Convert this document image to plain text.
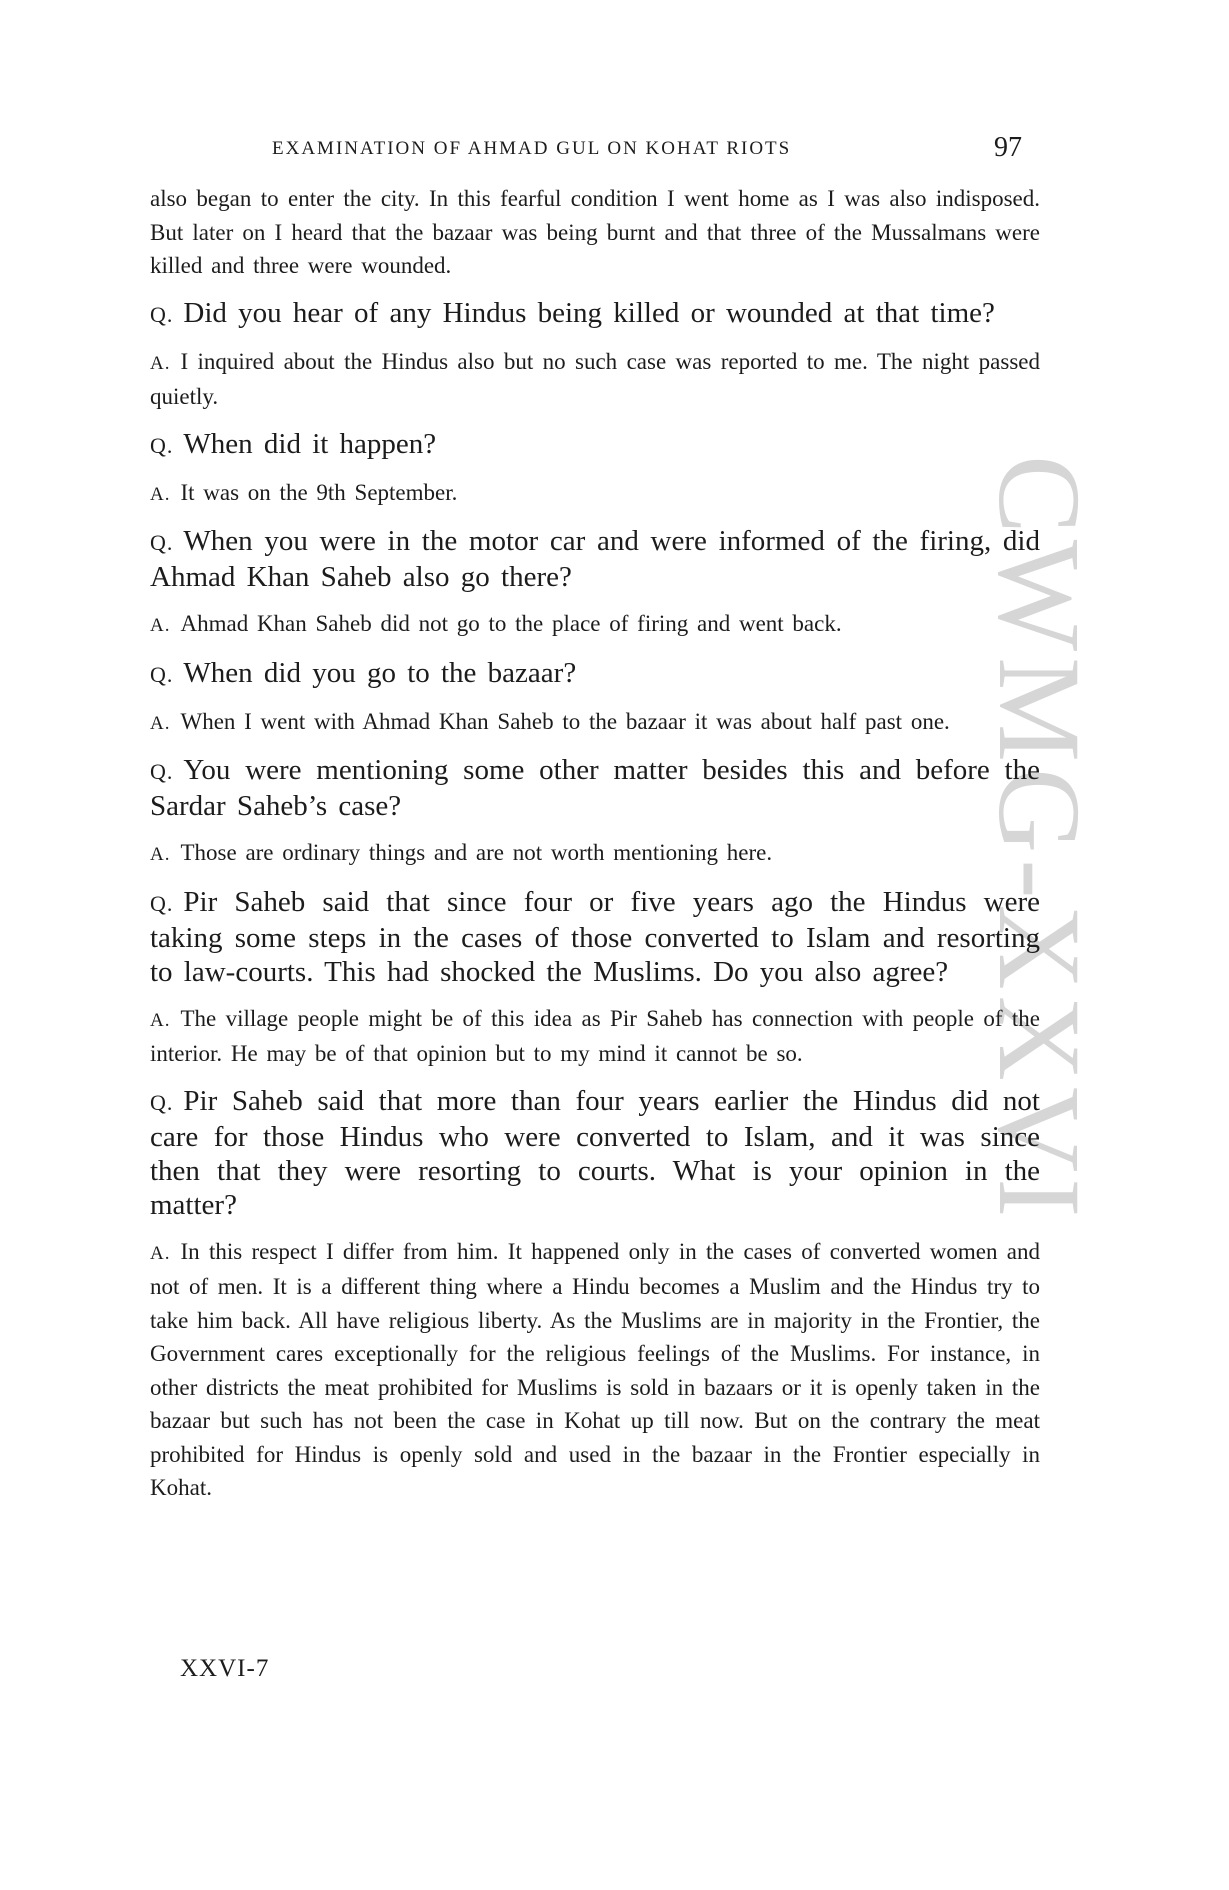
EXAMINATION OF AHMAD GUL ON KOHAT RIOTS	97
CWMG-XXVI

also began to enter the city. In this fearful condition I went home as I was also indisposed. But later on I heard that the bazaar was being burnt and that three of the Mussalmans were killed and three were wounded.

Q. Did you hear of any Hindus being killed or wounded at that time?

A. I inquired about the Hindus also but no such case was reported to me. The night passed quietly.

Q. When did it happen?

A. It was on the 9th September.

Q. When you were in the motor car and were informed of the firing, did Ahmad Khan Saheb also go there?

A. Ahmad Khan Saheb did not go to the place of firing and went back.

Q. When did you go to the bazaar?

A. When I went with Ahmad Khan Saheb to the bazaar it was about half past one.

Q. You were mentioning some other matter besides this and before the Sardar Saheb’s case?

A. Those are ordinary things and are not worth mentioning here.

Q. Pir Saheb said that since four or five years ago the Hindus were taking some steps in the cases of those converted to Islam and resorting to law-courts. This had shocked the Muslims. Do you also agree?

A. The village people might be of this idea as Pir Saheb has connection with people of the interior. He may be of that opinion but to my mind it cannot be so.

Q. Pir Saheb said that more than four years earlier the Hindus did not care for those Hindus who were converted to Islam, and it was since then that they were resorting to courts. What is your opinion in the matter?

A. In this respect I differ from him. It happened only in the cases of converted women and not of men. It is a different thing where a Hindu becomes a Muslim and the Hindus try to take him back. All have religious liberty. As the Muslims are in majority in the Frontier, the Government cares exceptionally for the religious feelings of the Muslims. For instance, in other districts the meat prohibited for Muslims is sold in bazaars or it is openly taken in the bazaar but such has not been the case in Kohat up till now. But on the contrary the meat prohibited for Hindus is openly sold and used in the bazaar in the Frontier especially in Kohat.

XXVI-7
